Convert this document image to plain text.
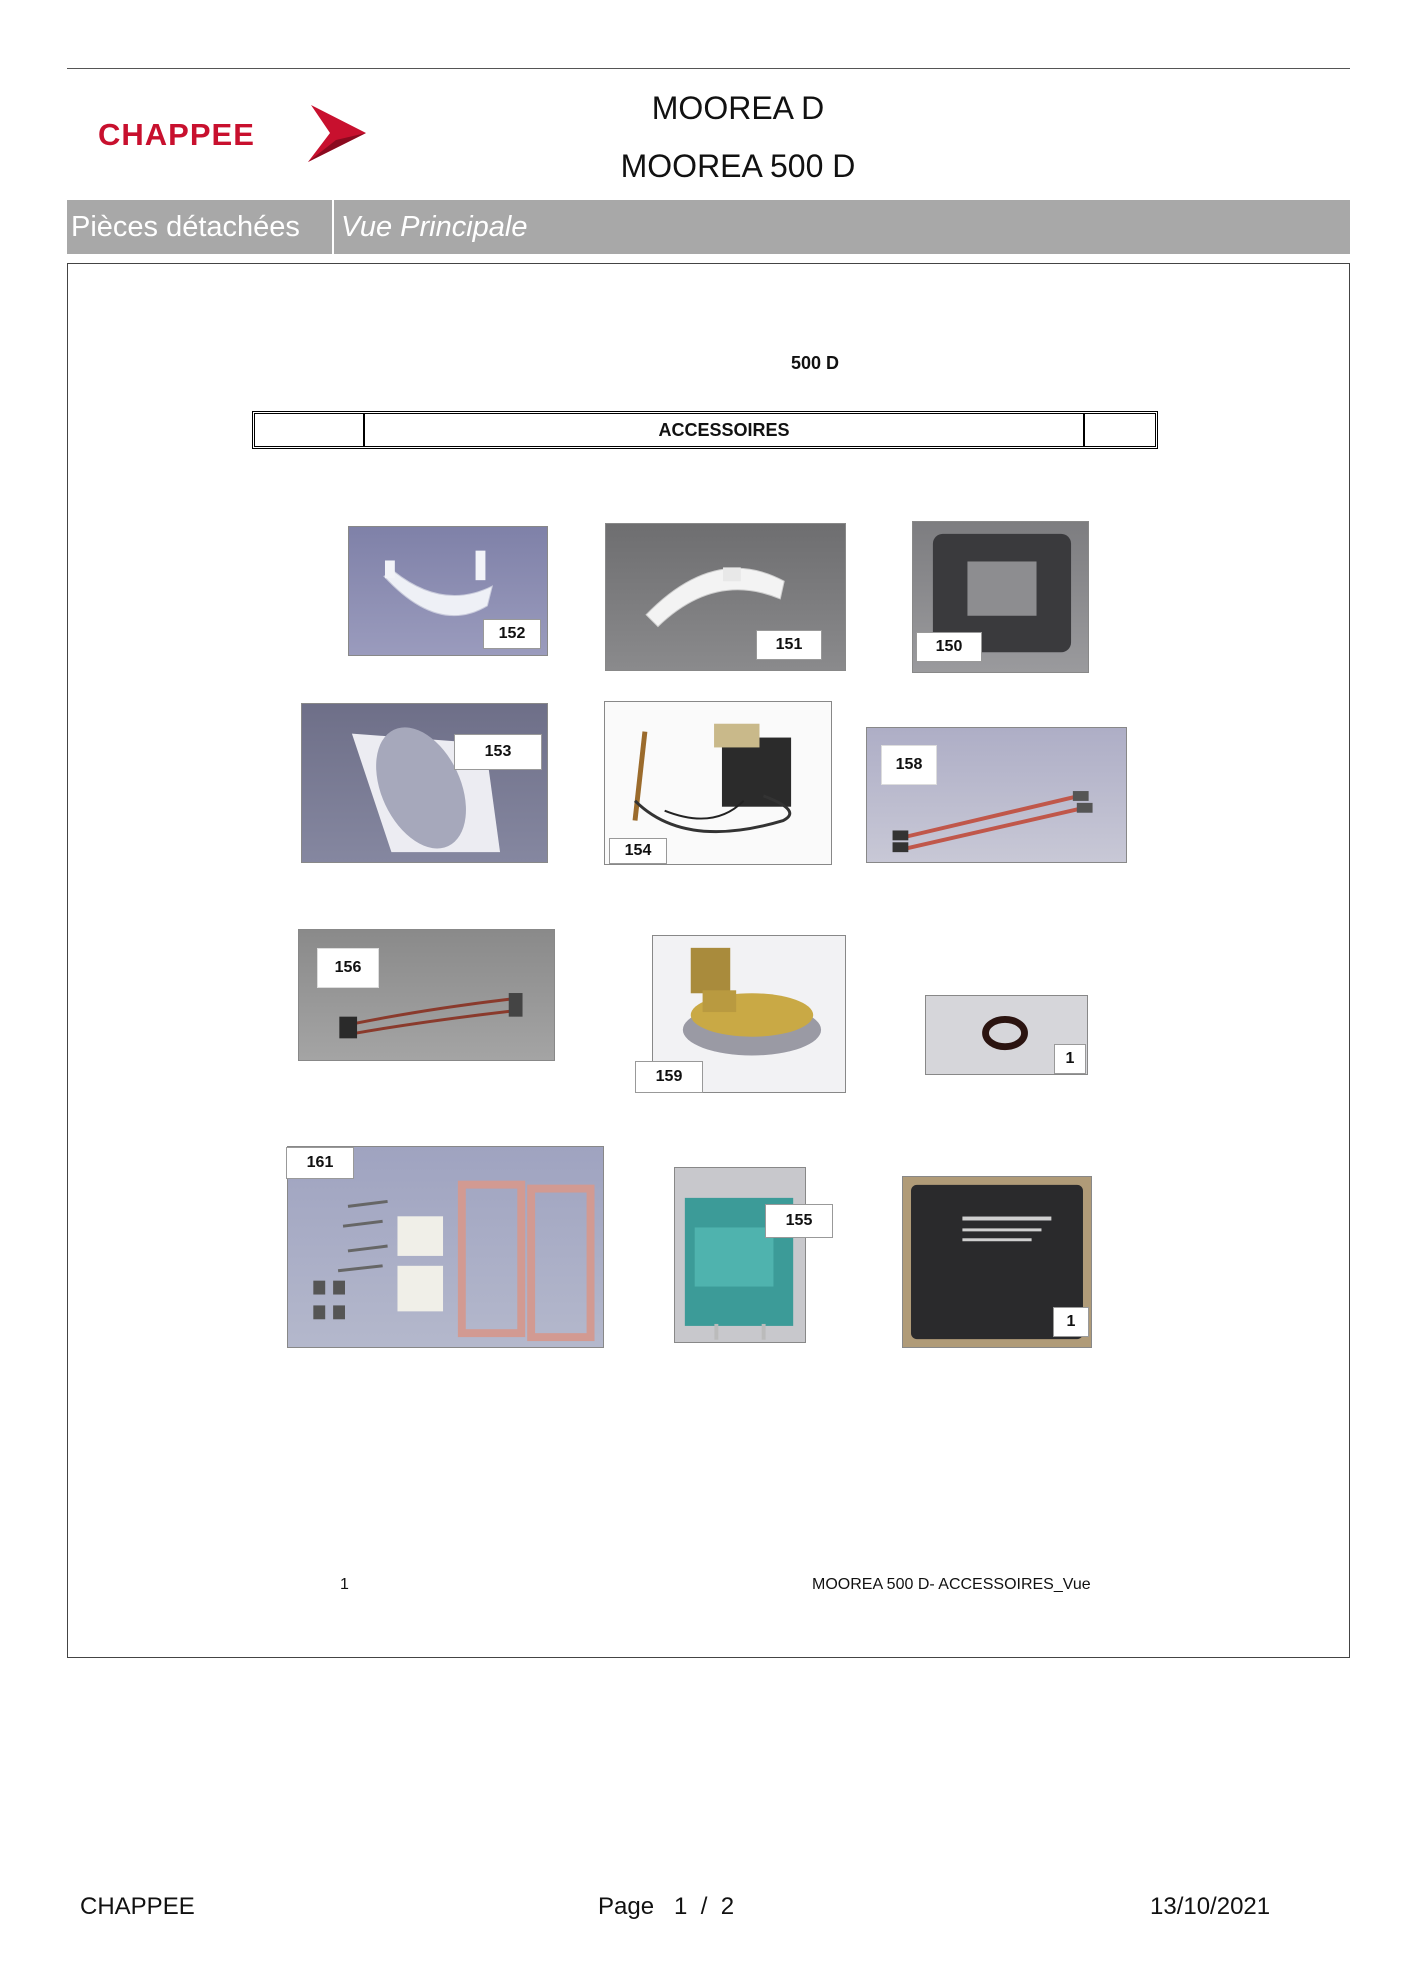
CHAPPEE
MOOREA D
MOOREA 500 D
Pièces détachées	Vue Principale
500 D
ACCESSOIRES
152
151	150
153
154
158
156
159
1
161
155
1
1	MOOREA 500 D- ACCESSOIRES_Vue
CHAPPEE	Page   1  /  2	13/10/2021
